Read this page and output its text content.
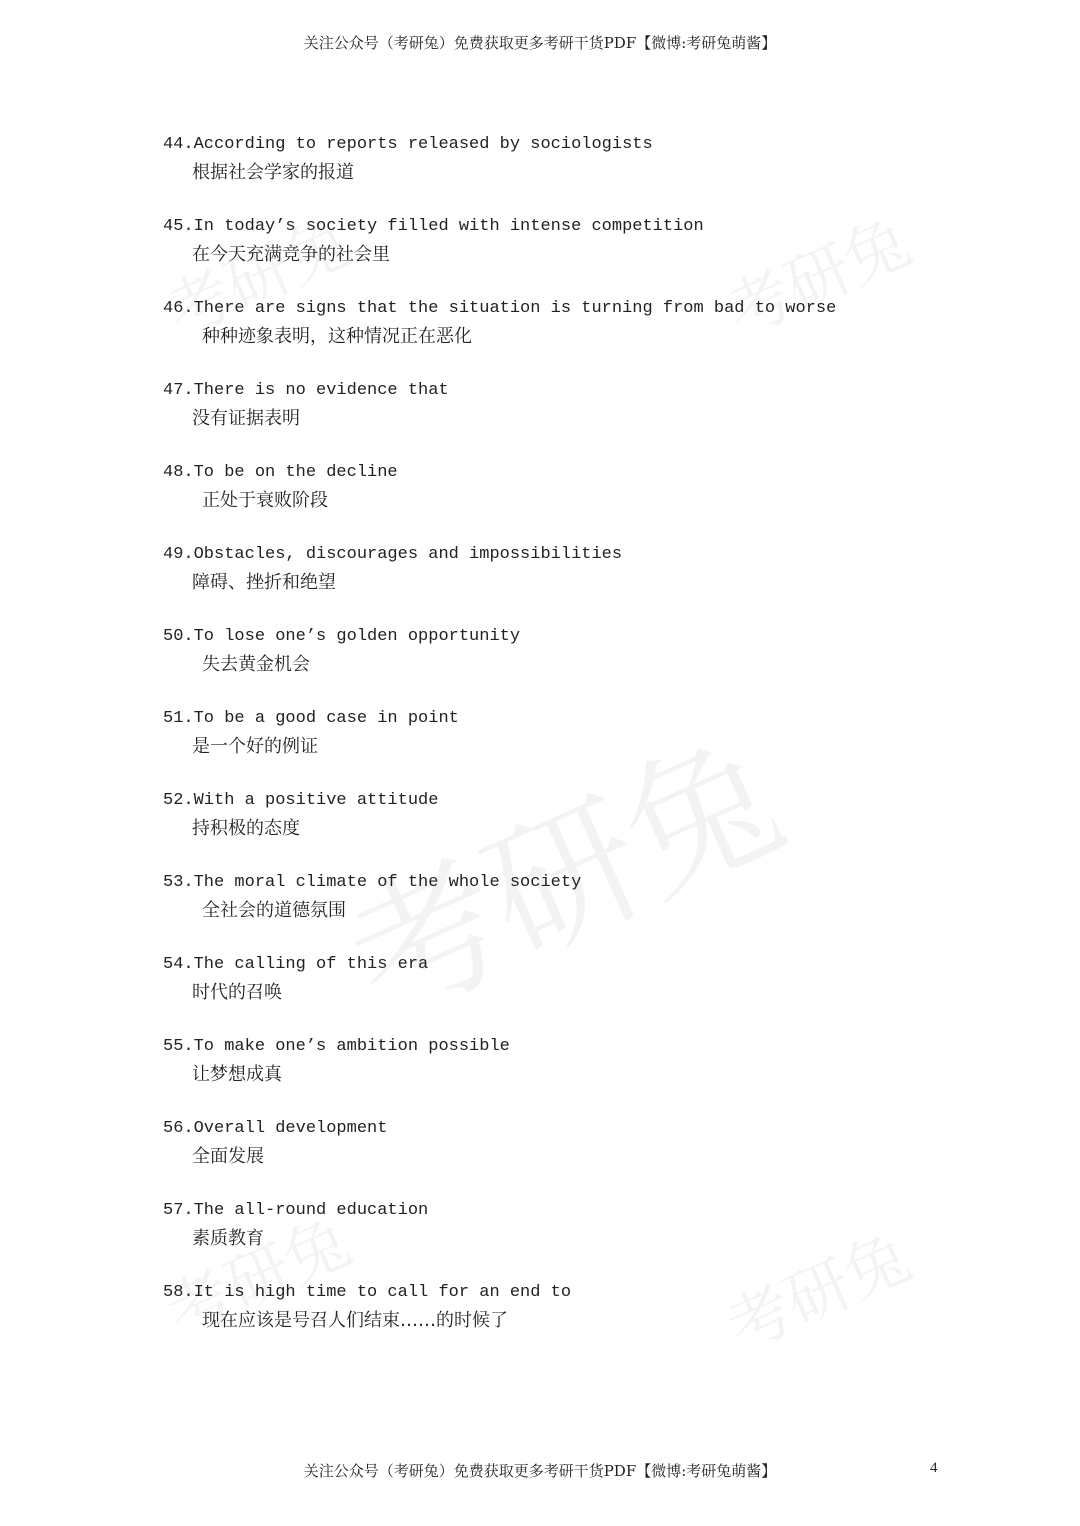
关注公众号（考研兔）免费获取更多考研干货PDF【微博:考研兔萌酱】
44.According to reports released by sociologists
根据社会学家的报道
45.In today’s society filled with intense competition
在今天充满竞争的社会里
46.There are signs that the situation is turning from bad to worse
种种迹象表明，这种情况正在恶化
47.There is no evidence that
没有证据表明
48.To be on the decline
正处于衰败阶段
49.Obstacles, discourages and impossibilities
障碍、挫折和绝望
50.To lose one’s golden opportunity
失去黄金机会
51.To be a good case in point
是一个好的例证
52.With a positive attitude
持积极的态度
53.The moral climate of the whole society
全社会的道德氛围
54.The calling of this era
时代的召唤
55.To make one’s ambition possible
让梦想成真
56.Overall development
全面发展
57.The all-round education
素质教育
58.It is high time to call for an end to
现在应该是号召人们结束……的时候了
关注公众号（考研兔）免费获取更多考研干货PDF【微博:考研兔萌酱】	4
